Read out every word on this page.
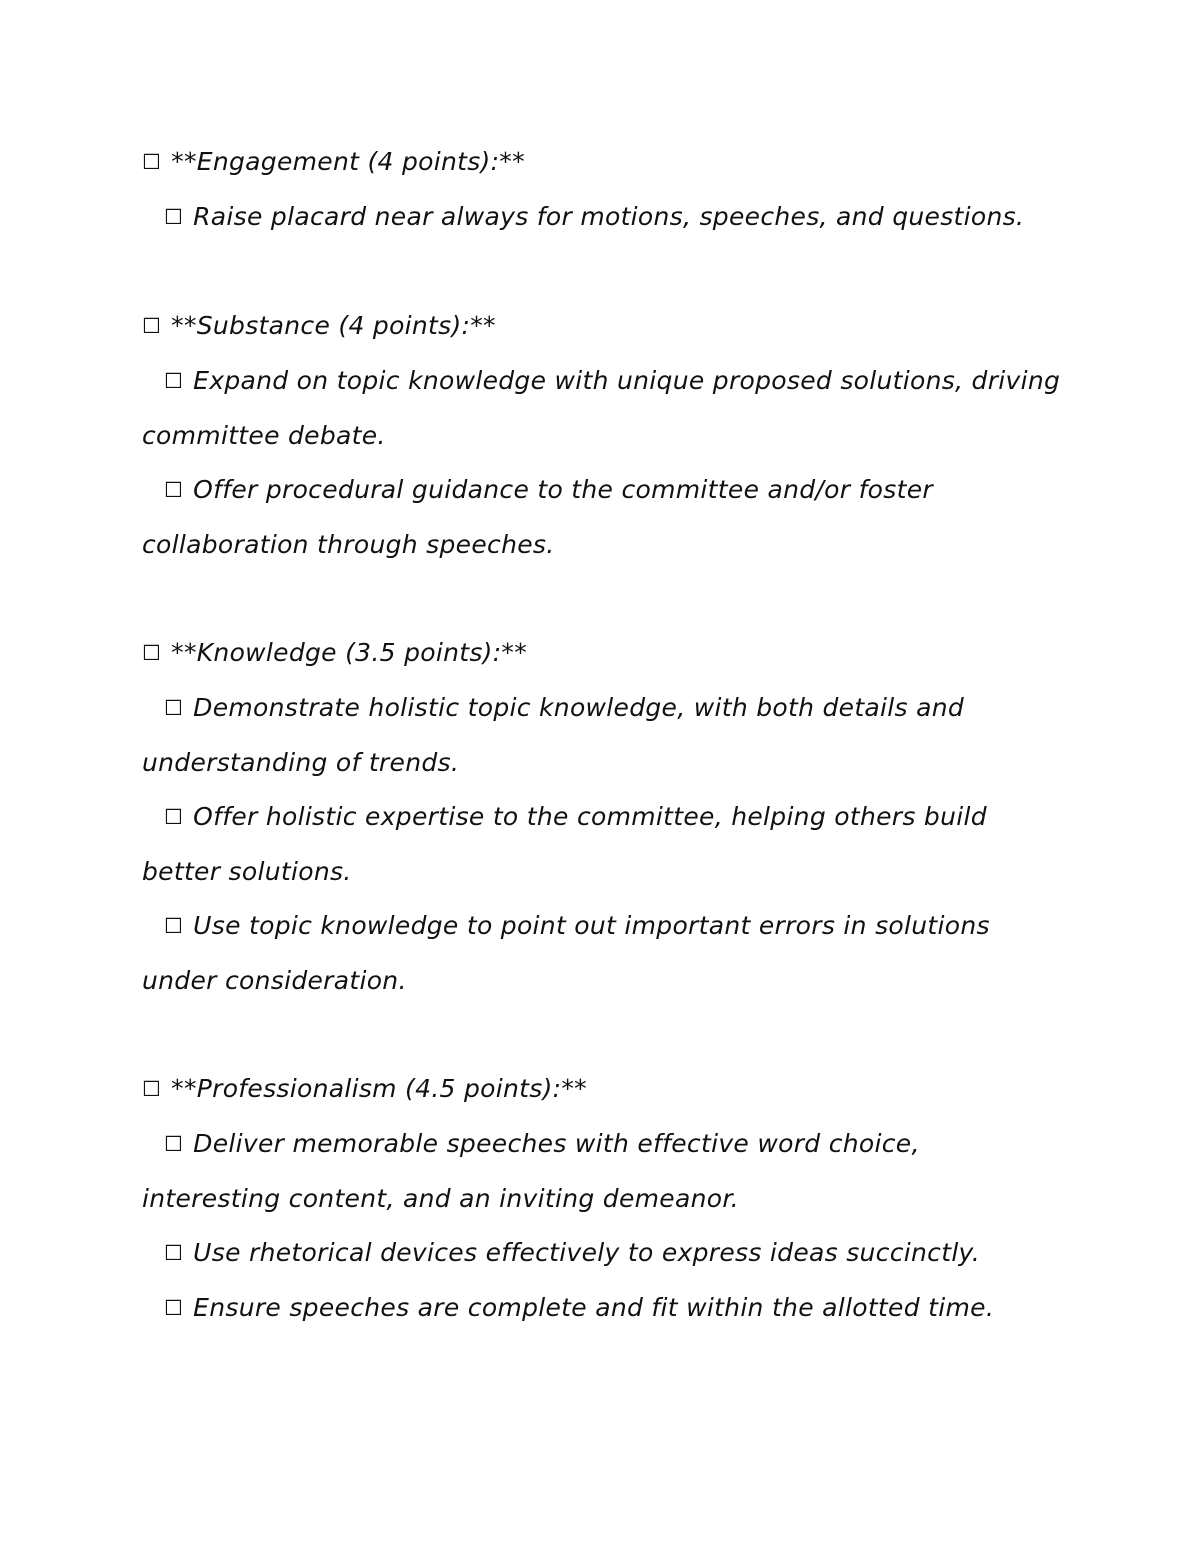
☐ **Engagement (4 points):**
☐ Raise placard near always for motions, speeches, and questions.
☐ **Substance (4 points):**
☐ Expand on topic knowledge with unique proposed solutions, driving committee debate.
☐ Offer procedural guidance to the committee and/or foster collaboration through speeches.
☐ **Knowledge (3.5 points):**
☐ Demonstrate holistic topic knowledge, with both details and understanding of trends.
☐ Offer holistic expertise to the committee, helping others build better solutions.
☐ Use topic knowledge to point out important errors in solutions under consideration.
☐ **Professionalism (4.5 points):**
☐ Deliver memorable speeches with effective word choice, interesting content, and an inviting demeanor.
☐ Use rhetorical devices effectively to express ideas succinctly.
☐ Ensure speeches are complete and fit within the allotted time.
